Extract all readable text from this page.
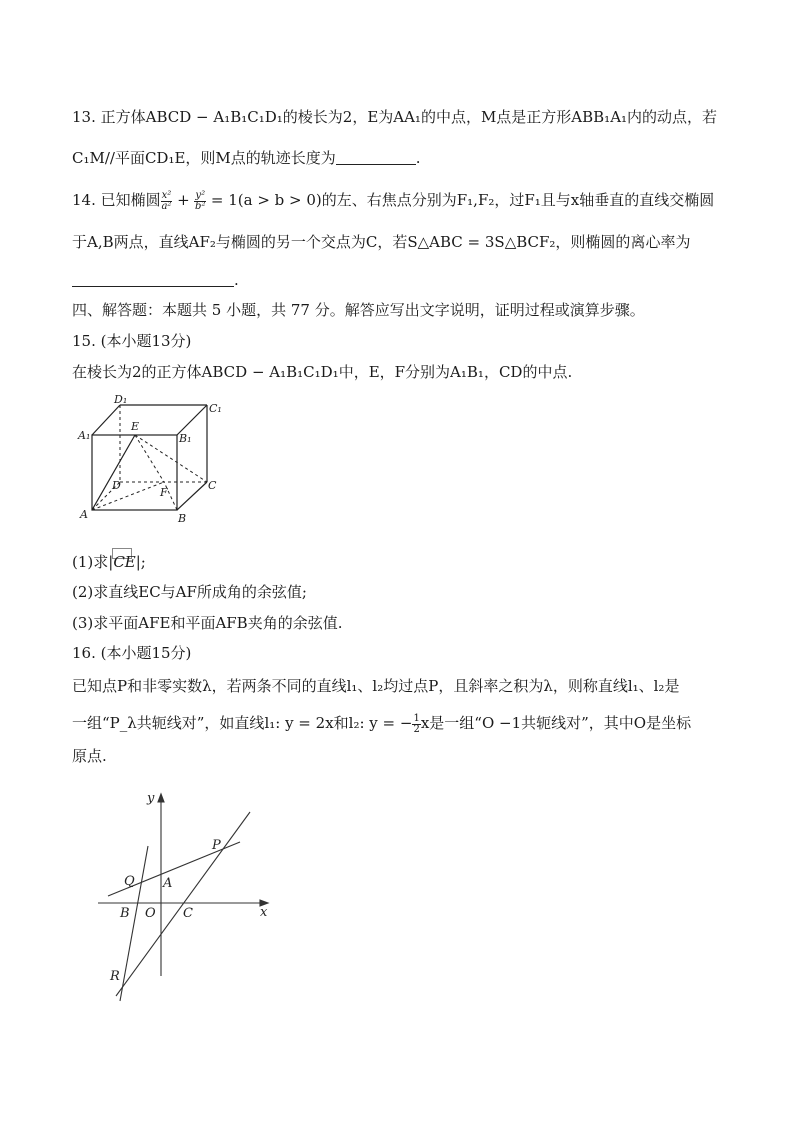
13. 正方体ABCD − A₁B₁C₁D₁的棱长为2，E为AA₁的中点，M点是正方形ABB₁A₁内的动点，若
C₁M//平面CD₁E，则M点的轨迹长度为	.
14. 已知椭圆 $\frac{\text{x²}}{\text{a²}} + \frac{\text{y²}}{\text{b²}} = 1(a > b > 0)$的左、右焦点分别为F₁,F₂，过F₁且与x轴垂直的直线交椭圆
于A,B两点，直线AF₂与椭圆的另一个交点为C，若S△ABC = 3S△BCF₂，则椭圆的离心率为
.
四、解答题：本题共 5 小题，共 77 分。解答应写出文字说明，证明过程或演算步骤。
15. (本小题13分)
在棱长为2的正方体ABCD − A₁B₁C₁D₁中，E，F分别为A₁B₁，CD的中点.
D₁
C₁
A₁
E
B₁
D
F
C
A	B
(1)求|CE|;
(2)求直线EC与AF所成角的余弦值;
(3)求平面AFE和平面AFB夹角的余弦值.
16. (本小题15分)
已知点P和非零实数λ，若两条不同的直线l₁、l₂均过点P，且斜率之积为λ，则称直线l₁、l₂是
一组“P_λ共轭线对”，如直线l₁: y = 2x和l₂: y = − $\frac{1}{2}$ x是一组“O −1共轭线对”，其中O是坐标
原点.
y
x
P
Q A
B O C
R
